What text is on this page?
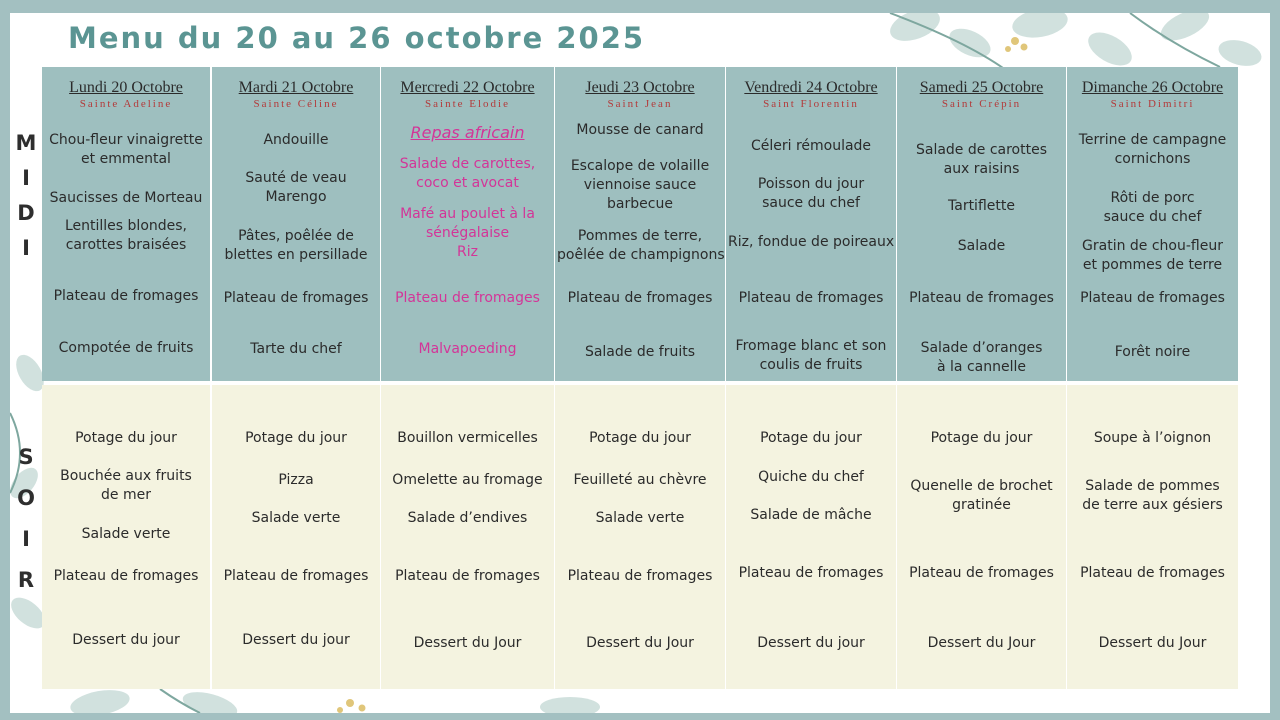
Menu du 20 au 26 octobre 2025
M
I
D
I
S
O
I
R
Lundi 20 Octobre
Sainte Adeline
Chou-fleur vinaigrette
et emmental
Saucisses de Morteau
Lentilles blondes,
carottes braisées
Plateau de fromages
Compotée de fruits
Potage du jour
Bouchée aux fruits
de mer
Salade verte
Plateau de fromages
Dessert du jour
Mardi 21 Octobre
Sainte Céline
Andouille
Sauté de veau
Marengo
Pâtes, poêlée de
blettes en persillade
Plateau de fromages
Tarte du chef
Potage du jour
Pizza
Salade verte
Plateau de fromages
Dessert du jour
Mercredi 22 Octobre
Sainte Elodie
Repas africain
Salade de carottes,
coco et avocat
Mafé au poulet à la
sénégalaise
Riz
Plateau de fromages
Malvapoeding
Bouillon vermicelles
Omelette au fromage
Salade d’endives
Plateau de fromages
Dessert du Jour
Jeudi 23 Octobre
Saint Jean
Mousse de canard
Escalope de volaille
viennoise sauce
barbecue
Pommes de terre,
poêlée de champignons
Plateau de fromages
Salade de fruits
Potage du jour
Feuilleté au chèvre
Salade verte
Plateau de fromages
Dessert du Jour
Vendredi 24 Octobre
Saint Florentin
Céleri rémoulade
Poisson du jour
sauce du chef
Riz, fondue de poireaux
Plateau de fromages
Fromage blanc et son
coulis de fruits
Potage du jour
Quiche du chef
Salade de mâche
Plateau de fromages
Dessert du jour
Samedi 25 Octobre
Saint Crépin
Salade de carottes
aux raisins
Tartiflette
Salade
Plateau de fromages
Salade d’oranges
à la cannelle
Potage du jour
Quenelle de brochet
gratinée
Plateau de fromages
Dessert du Jour
Dimanche 26 Octobre
Saint Dimitri
Terrine de campagne
cornichons
Rôti de porc
sauce du chef
Gratin de chou-fleur
et pommes de terre
Plateau de fromages
Forêt noire
Soupe à l’oignon
Salade de pommes
de terre aux gésiers
Plateau de fromages
Dessert du Jour
